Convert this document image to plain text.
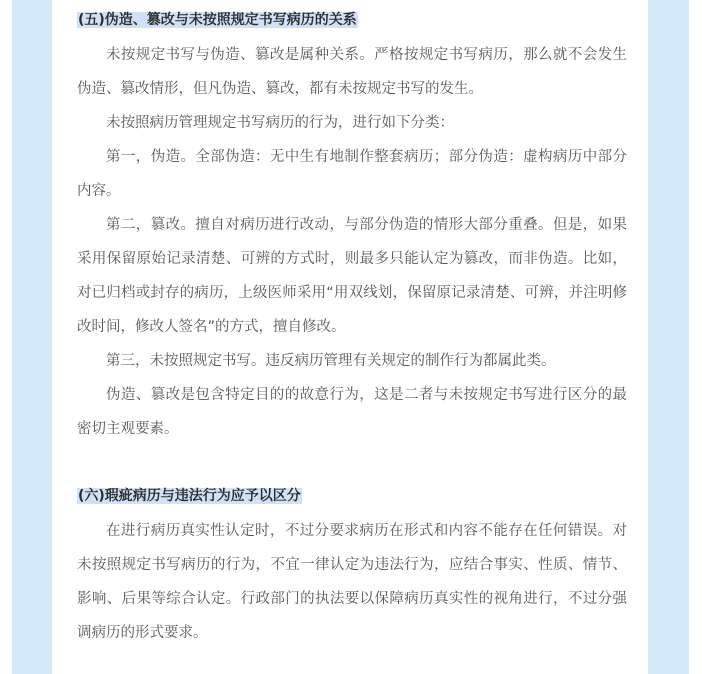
(五)伪造、篡改与未按照规定书写病历的关系

未按规定书写与伪造、篡改是属种关系。严格按规定书写病历，那么就不会发生伪造、篡改情形，但凡伪造、篡改，都有未按规定书写的发生。

未按照病历管理规定书写病历的行为，进行如下分类：

第一，伪造。全部伪造：无中生有地制作整套病历；部分伪造：虚构病历中部分内容。

第二，篡改。擅自对病历进行改动，与部分伪造的情形大部分重叠。但是，如果采用保留原始记录清楚、可辨的方式时，则最多只能认定为篡改，而非伪造。比如，对已归档或封存的病历，上级医师采用“用双线划，保留原记录清楚、可辨，并注明修改时间，修改人签名”的方式，擅自修改。

第三，未按照规定书写。违反病历管理有关规定的制作行为都属此类。

伪造、篡改是包含特定目的的故意行为，这是二者与未按规定书写进行区分的最密切主观要素。

(六)瑕疵病历与违法行为应予以区分

在进行病历真实性认定时，不过分要求病历在形式和内容不能存在任何错误。对未按照规定书写病历的行为，不宜一律认定为违法行为，应结合事实、性质、情节、影响、后果等综合认定。行政部门的执法要以保障病历真实性的视角进行，不过分强调病历的形式要求。
